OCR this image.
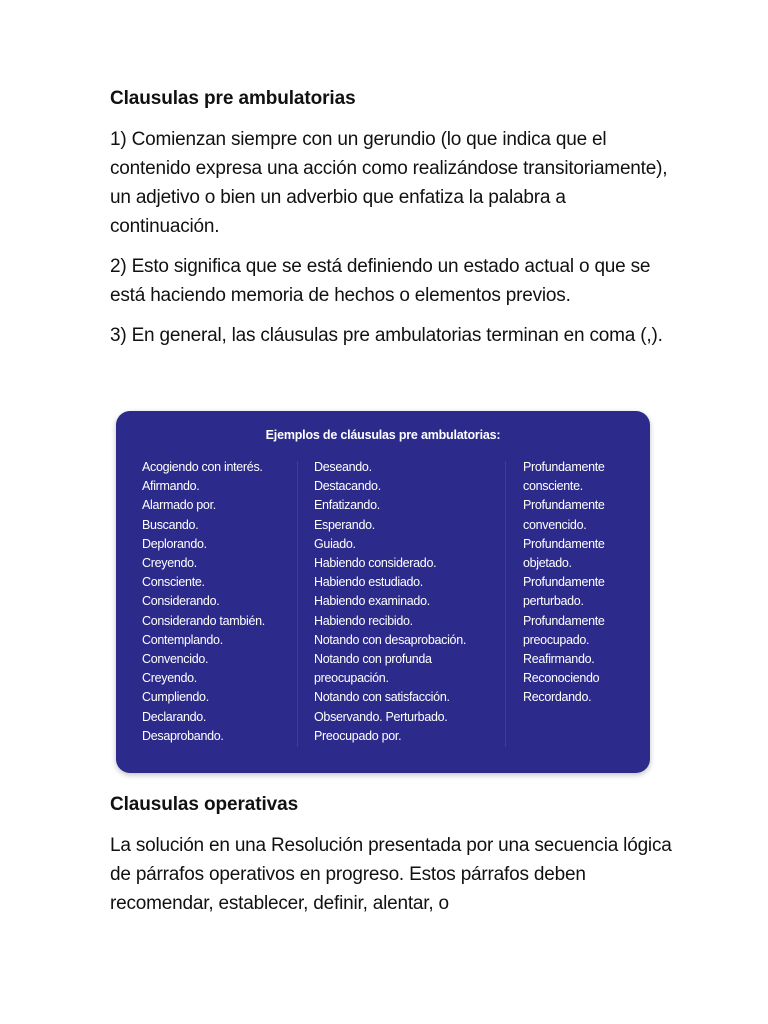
Clausulas pre ambulatorias

1) Comienzan siempre con un gerundio (lo que indica que el contenido expresa una acción como realizándose transitoriamente), un adjetivo o bien un adverbio que enfatiza la palabra a continuación.

2) Esto significa que se está definiendo un estado actual o que se está haciendo memoria de hechos o elementos previos.

3) En general, las cláusulas pre ambulatorias terminan en coma (,).

Ejemplos de cláusulas pre ambulatorias:
Acogiendo con interés.
Afirmando.
Alarmado por.
Buscando.
Deplorando.
Creyendo.
Consciente.
Considerando.
Considerando también.
Contemplando.
Convencido.
Creyendo.
Cumpliendo.
Declarando.
Desaprobando.
Deseando.
Destacando.
Enfatizando.
Esperando.
Guiado.
Habiendo considerado.
Habiendo estudiado.
Habiendo examinado.
Habiendo recibido.
Notando con desaprobación.
Notando con profunda
preocupación.
Notando con satisfacción.
Observando. Perturbado.
Preocupado por.
Profundamente
consciente.
Profundamente
convencido.
Profundamente
objetado.
Profundamente
perturbado.
Profundamente
preocupado.
Reafirmando.
Reconociendo
Recordando.
Clausulas operativas

La solución en una Resolución presentada por una secuencia lógica de párrafos operativos en progreso. Estos párrafos deben recomendar, establecer, definir, alentar, o
